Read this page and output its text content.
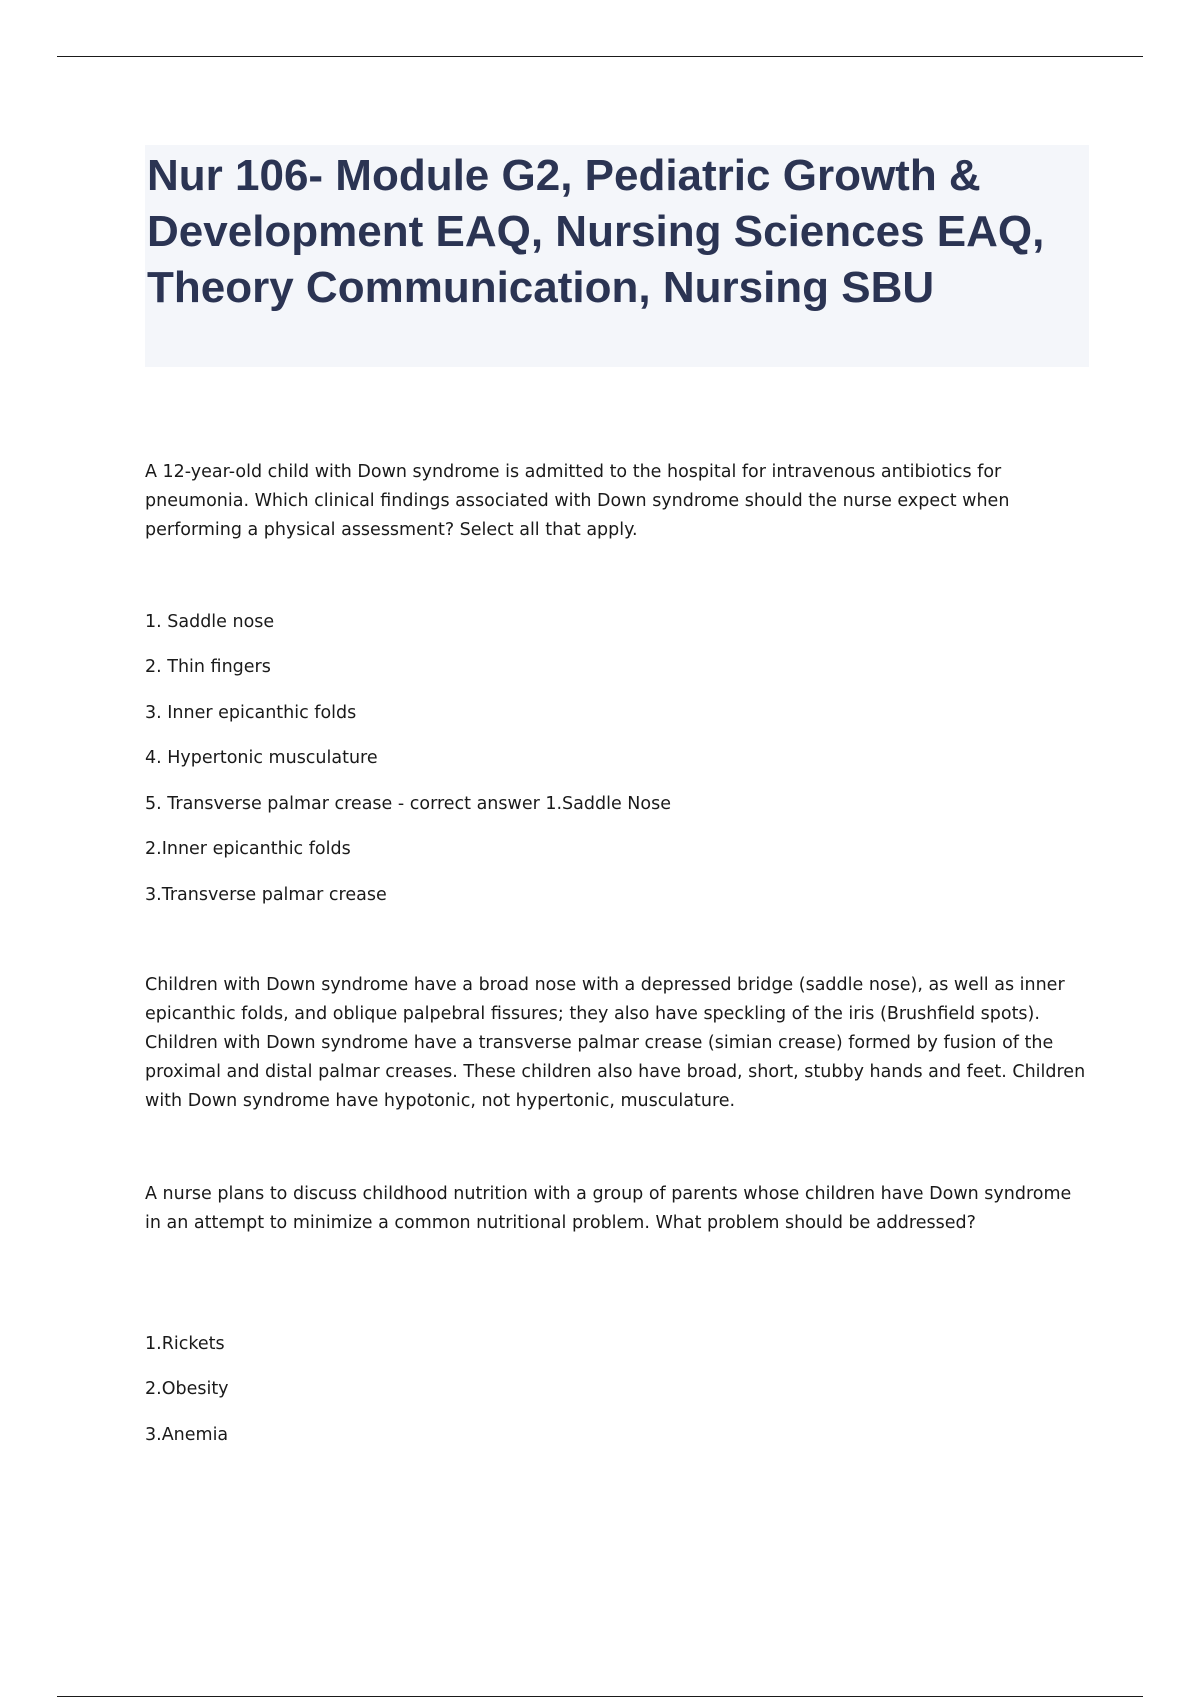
Nur 106- Module G2, Pediatric Growth & Development EAQ, Nursing Sciences EAQ, Theory Communication, Nursing SBU

A 12-year-old child with Down syndrome is admitted to the hospital for intravenous antibiotics for pneumonia. Which clinical findings associated with Down syndrome should the nurse expect when performing a physical assessment? Select all that apply.

1. Saddle nose

2. Thin fingers

3. Inner epicanthic folds

4. Hypertonic musculature

5. Transverse palmar crease - correct answer 1.Saddle Nose

2.Inner epicanthic folds

3.Transverse palmar crease

Children with Down syndrome have a broad nose with a depressed bridge (saddle nose), as well as inner epicanthic folds, and oblique palpebral fissures; they also have speckling of the iris (Brushfield spots). Children with Down syndrome have a transverse palmar crease (simian crease) formed by fusion of the proximal and distal palmar creases. These children also have broad, short, stubby hands and feet. Children with Down syndrome have hypotonic, not hypertonic, musculature.

A nurse plans to discuss childhood nutrition with a group of parents whose children have Down syndrome in an attempt to minimize a common nutritional problem. What problem should be addressed?

1.Rickets

2.Obesity

3.Anemia
